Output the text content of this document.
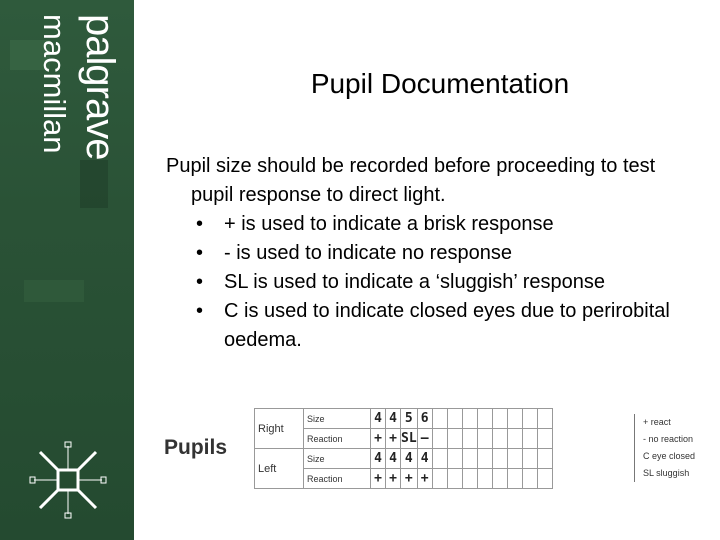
palgrave
macmillan	Pupil Documentation
Pupil size should be recorded before proceeding to test pupil response to direct light.
• + is used to indicate a brisk response
• - is used to indicate no response
• SL is used to indicate a ‘sluggish’ response
• C is used to indicate closed eyes due to perirobital oedema.
Pupils
Right	Size	4	4	5	6								
	Reaction	+	+	SL	–								
Left	Size	4	4	4	4								
	Reaction	+	+	+	+								
+ react
- no reaction
C eye closed
SL sluggish
